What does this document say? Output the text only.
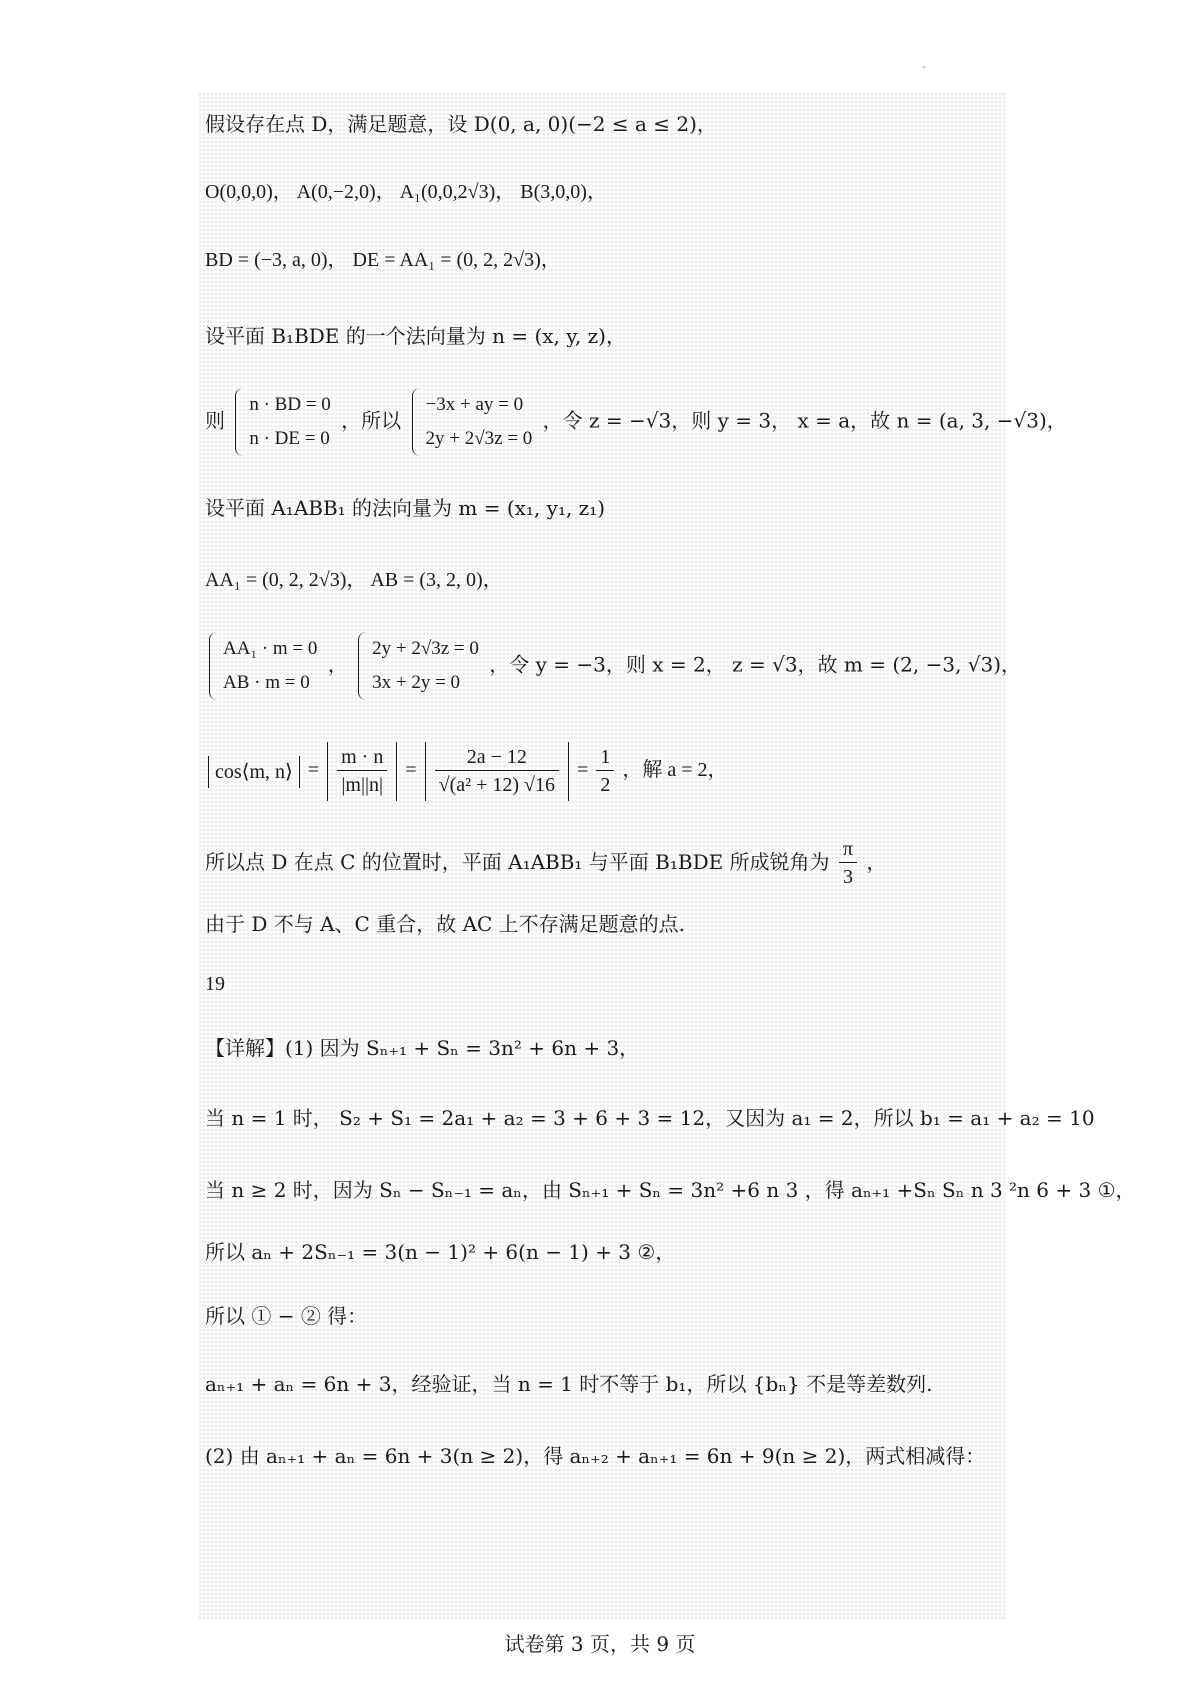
-
假设存在点 D，满足题意，设 D(0, a, 0)(−2 ≤ a ≤ 2)，
O(0,0,0)， A(0,−2,0)， A₁(0,0,2√3)， B(3,0,0)，
BD = (−3, a, 0)， DE = AA₁ = (0, 2, 2√3)，
设平面 B₁BDE 的一个法向量为 n = (x, y, z)，
则
n · BD = 0
n · DE = 0
，所以
−3x + ay = 0
2y + 2√3z = 0
，令 z = −√3，则 y = 3， x = a，故 n = (a, 3, −√3)，
设平面 A₁ABB₁ 的法向量为 m = (x₁, y₁, z₁)
AA₁ = (0, 2, 2√3)， AB = (3, 2, 0)，
AA₁ · m = 0
AB · m = 0
，
2y + 2√3z = 0
3x + 2y = 0
，令 y = −3，则 x = 2， z = √3，故 m = (2, −3, √3)，
cos⟨m, n⟩ = $\frac{m \cdot n}{|m||n|} = \frac{2a - 12}{\text{√(a² + 12) √16}} = \frac{1}{2}$ ，解 a = 2，
所以点 D 在点 C 的位置时，平面 A₁ABB₁ 与平面 B₁BDE 所成锐角为 $\frac{\pi}{3}$ ，
由于 D 不与 A、C 重合，故 AC 上不存满足题意的点.
19
【详解】(1) 因为 Sₙ₊₁ + Sₙ = 3n² + 6n + 3，
当 n = 1 时， S₂ + S₁ = 2a₁ + a₂ = 3 + 6 + 3 = 12，又因为 a₁ = 2，所以 b₁ = a₁ + a₂ = 10
当 n ≥ 2 时，因为 Sₙ − Sₙ₋₁ = aₙ，由 Sₙ₊₁ + Sₙ = 3n² +6 n 3 ，得 aₙ₊₁ +Sₙ Sₙ n 3 ²n 6 + 3 ①，
所以 aₙ + 2Sₙ₋₁ = 3(n − 1)² + 6(n − 1) + 3 ②，
所以 ① − ② 得：
aₙ₊₁ + aₙ = 6n + 3，经验证，当 n = 1 时不等于 b₁，所以 {bₙ} 不是等差数列.
(2) 由 aₙ₊₁ + aₙ = 6n + 3(n ≥ 2)，得 aₙ₊₂ + aₙ₊₁ = 6n + 9(n ≥ 2)，两式相减得：
试卷第 3 页，共 9 页
